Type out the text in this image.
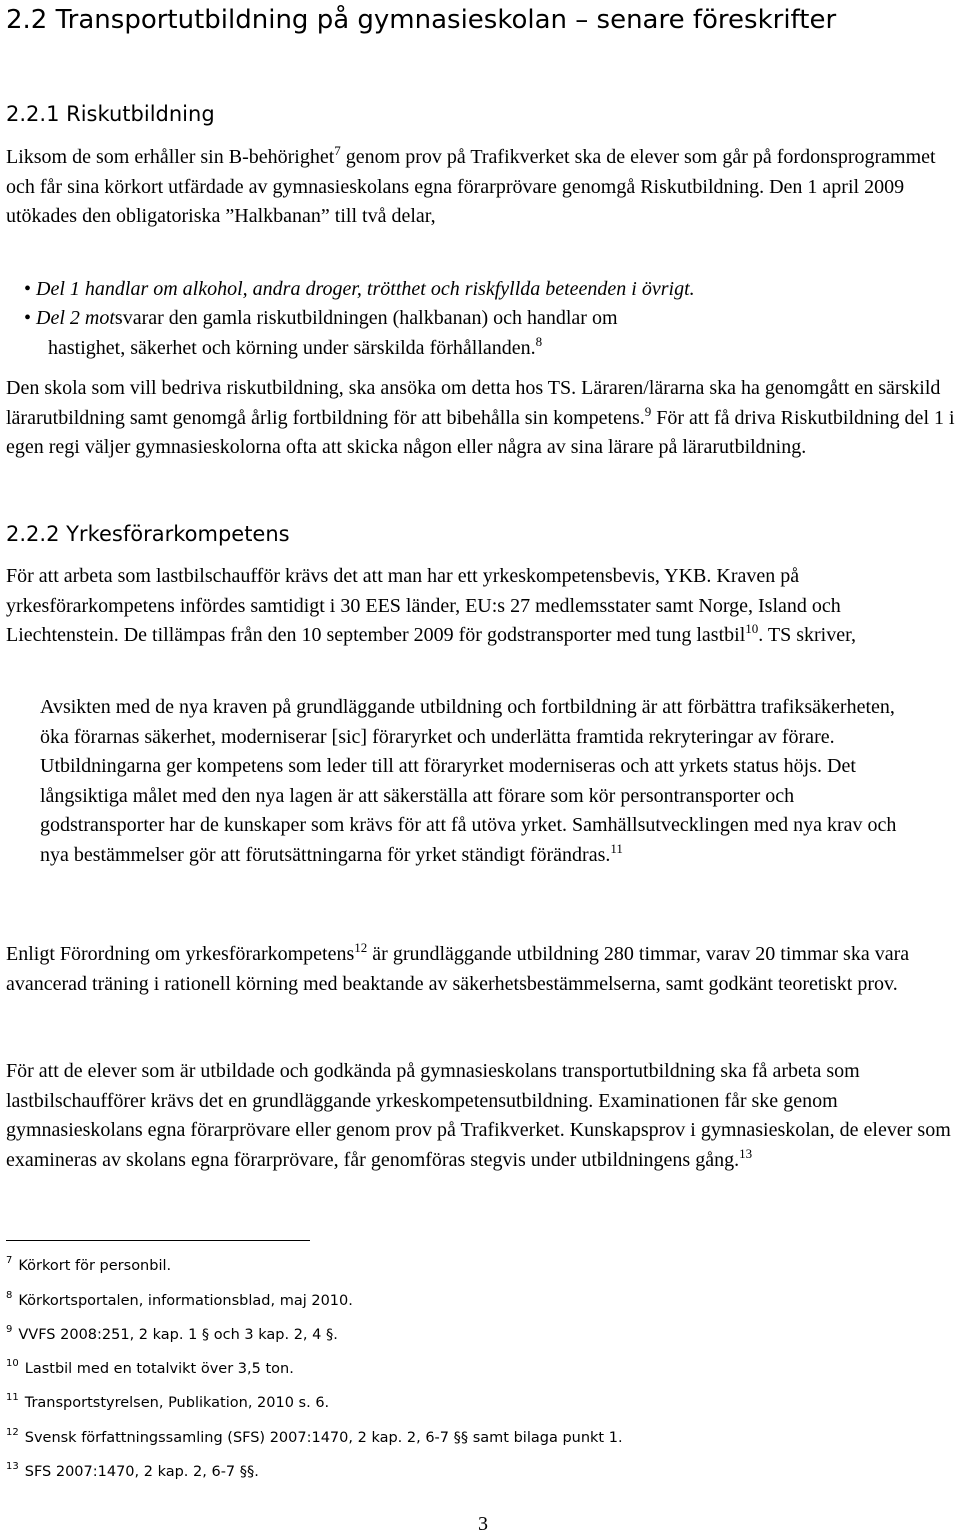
2.2 Transportutbildning på gymnasieskolan – senare föreskrifter
2.2.1 Riskutbildning

Liksom de som erhåller sin B-behörighet$^7$ genom prov på Trafikverket ska de elever som går på fordonsprogrammet och får sina körkort utfärdade av gymnasieskolans egna förarprövare genomgå Riskutbildning. Den 1 april 2009 utökades den obligatoriska ”Halkbanan” till två delar,

• Del 1 handlar om alkohol, andra droger, trötthet och riskfyllda beteenden i övrigt.

• Del 2 motsvarar den gamla riskutbildningen (halkbanan) och handlar om
hastighet, säkerhet och körning under särskilda förhållanden.$^8$

Den skola som vill bedriva riskutbildning, ska ansöka om detta hos TS. Läraren/lärarna ska ha genomgått en särskild lärarutbildning samt genomgå årlig fortbildning för att bibehålla sin kompetens.$^9$ För att få driva Riskutbildning del 1 i egen regi väljer gymnasieskolorna ofta att skicka någon eller några av sina lärare på lärarutbildning.

2.2.2 Yrkesförarkompetens

För att arbeta som lastbilschaufför krävs det att man har ett yrkeskompetensbevis, YKB. Kraven på yrkesförarkompetens infördes samtidigt i 30 EES länder, EU:s 27 medlemsstater samt Norge, Island och Liechtenstein. De tillämpas från den 10 september 2009 för godstransporter med tung lastbil$^{10}$. TS skriver,

Avsikten med de nya kraven på grundläggande utbildning och fortbildning är att förbättra trafiksäkerheten, öka förarnas säkerhet, moderniserar [sic] föraryrket och underlätta framtida rekryteringar av förare. Utbildningarna ger kompetens som leder till att föraryrket moderniseras och att yrkets status höjs. Det långsiktiga målet med den nya lagen är att säkerställa att förare som kör persontransporter och godstransporter har de kunskaper som krävs för att få utöva yrket. Samhällsutvecklingen med nya krav och nya bestämmelser gör att förutsättningarna för yrket ständigt förändras.$^{11}$

Enligt Förordning om yrkesförarkompetens$^{12}$ är grundläggande utbildning 280 timmar, varav 20 timmar ska vara avancerad träning i rationell körning med beaktande av säkerhetsbestämmelserna, samt godkänt teoretiskt prov.

För att de elever som är utbildade och godkända på gymnasieskolans transportutbildning ska få arbeta som lastbilschaufförer krävs det en grundläggande yrkeskompetensutbildning. Examinationen får ske genom gymnasieskolans egna förarprövare eller genom prov på Trafikverket. Kunskapsprov i gymnasieskolan, de elever som examineras av skolans egna förarprövare, får genomföras stegvis under utbildningens gång.$^{13}$

$^7$ Körkort för personbil.

$^8$ Körkortsportalen, informationsblad, maj 2010.

$^9$ VVFS 2008:251, 2 kap. 1 § och 3 kap. 2, 4 §.

$^{10}$ Lastbil med en totalvikt över 3,5 ton.

$^{11}$ Transportstyrelsen, Publikation, 2010 s. 6.

$^{12}$ Svensk författningssamling (SFS) 2007:1470, 2 kap. 2, 6-7 §§ samt bilaga punkt 1.

$^{13}$ SFS 2007:1470, 2 kap. 2, 6-7 §§.

3
